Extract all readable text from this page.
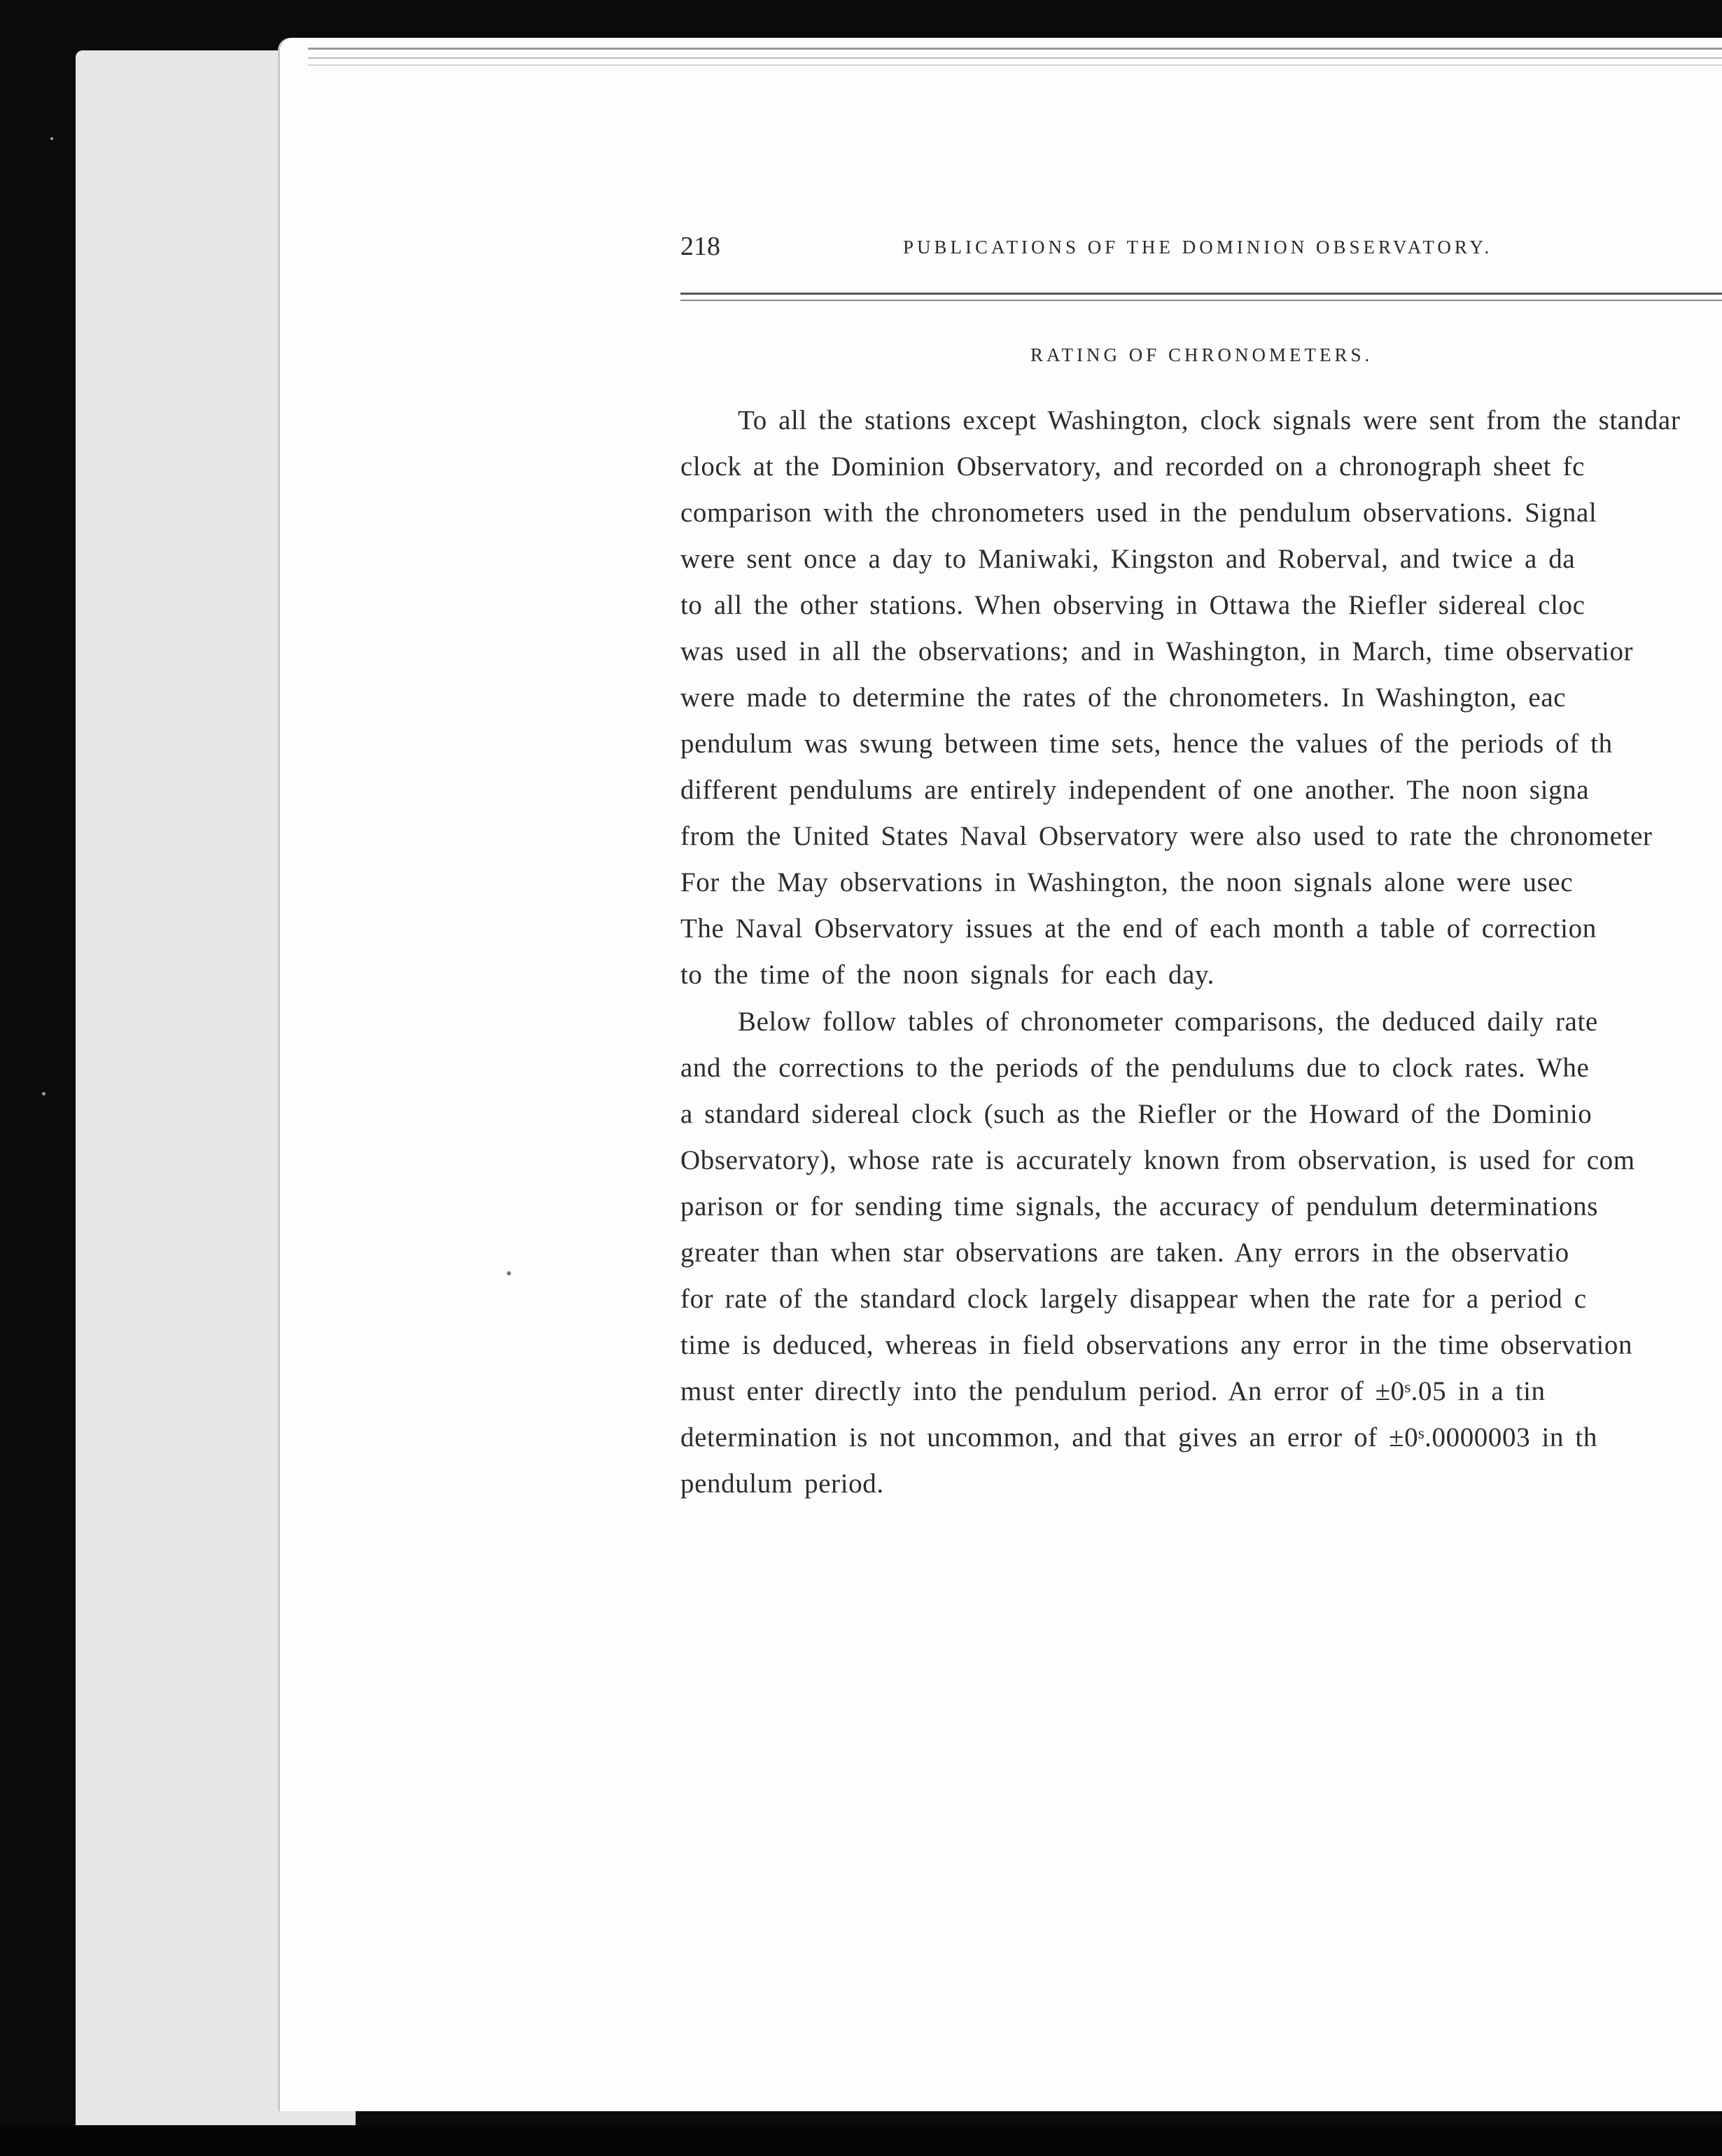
218	PUBLICATIONS OF THE DOMINION OBSERVATORY.
RATING OF CHRONOMETERS.
To all the stations except Washington, clock signals were sent from the standar
clock at the Dominion Observatory, and recorded on a chronograph sheet fc
comparison with the chronometers used in the pendulum observations. Signal
were sent once a day to Maniwaki, Kingston and Roberval, and twice a da
to all the other stations. When observing in Ottawa the Riefler sidereal cloc
was used in all the observations; and in Washington, in March, time observatior
were made to determine the rates of the chronometers. In Washington, eac
pendulum was swung between time sets, hence the values of the periods of th
different pendulums are entirely independent of one another. The noon signa
from the United States Naval Observatory were also used to rate the chronometer
For the May observations in Washington, the noon signals alone were usec
The Naval Observatory issues at the end of each month a table of correction
to the time of the noon signals for each day.
Below follow tables of chronometer comparisons, the deduced daily rate
and the corrections to the periods of the pendulums due to clock rates. Whe
a standard sidereal clock (such as the Riefler or the Howard of the Dominio
Observatory), whose rate is accurately known from observation, is used for com
parison or for sending time signals, the accuracy of pendulum determinations
greater than when star observations are taken. Any errors in the observatio
for rate of the standard clock largely disappear when the rate for a period c
time is deduced, whereas in field observations any error in the time observation
must enter directly into the pendulum period. An error of ±0ˢ.05 in a tin
determination is not uncommon, and that gives an error of ±0ˢ.0000003 in th
pendulum period.
